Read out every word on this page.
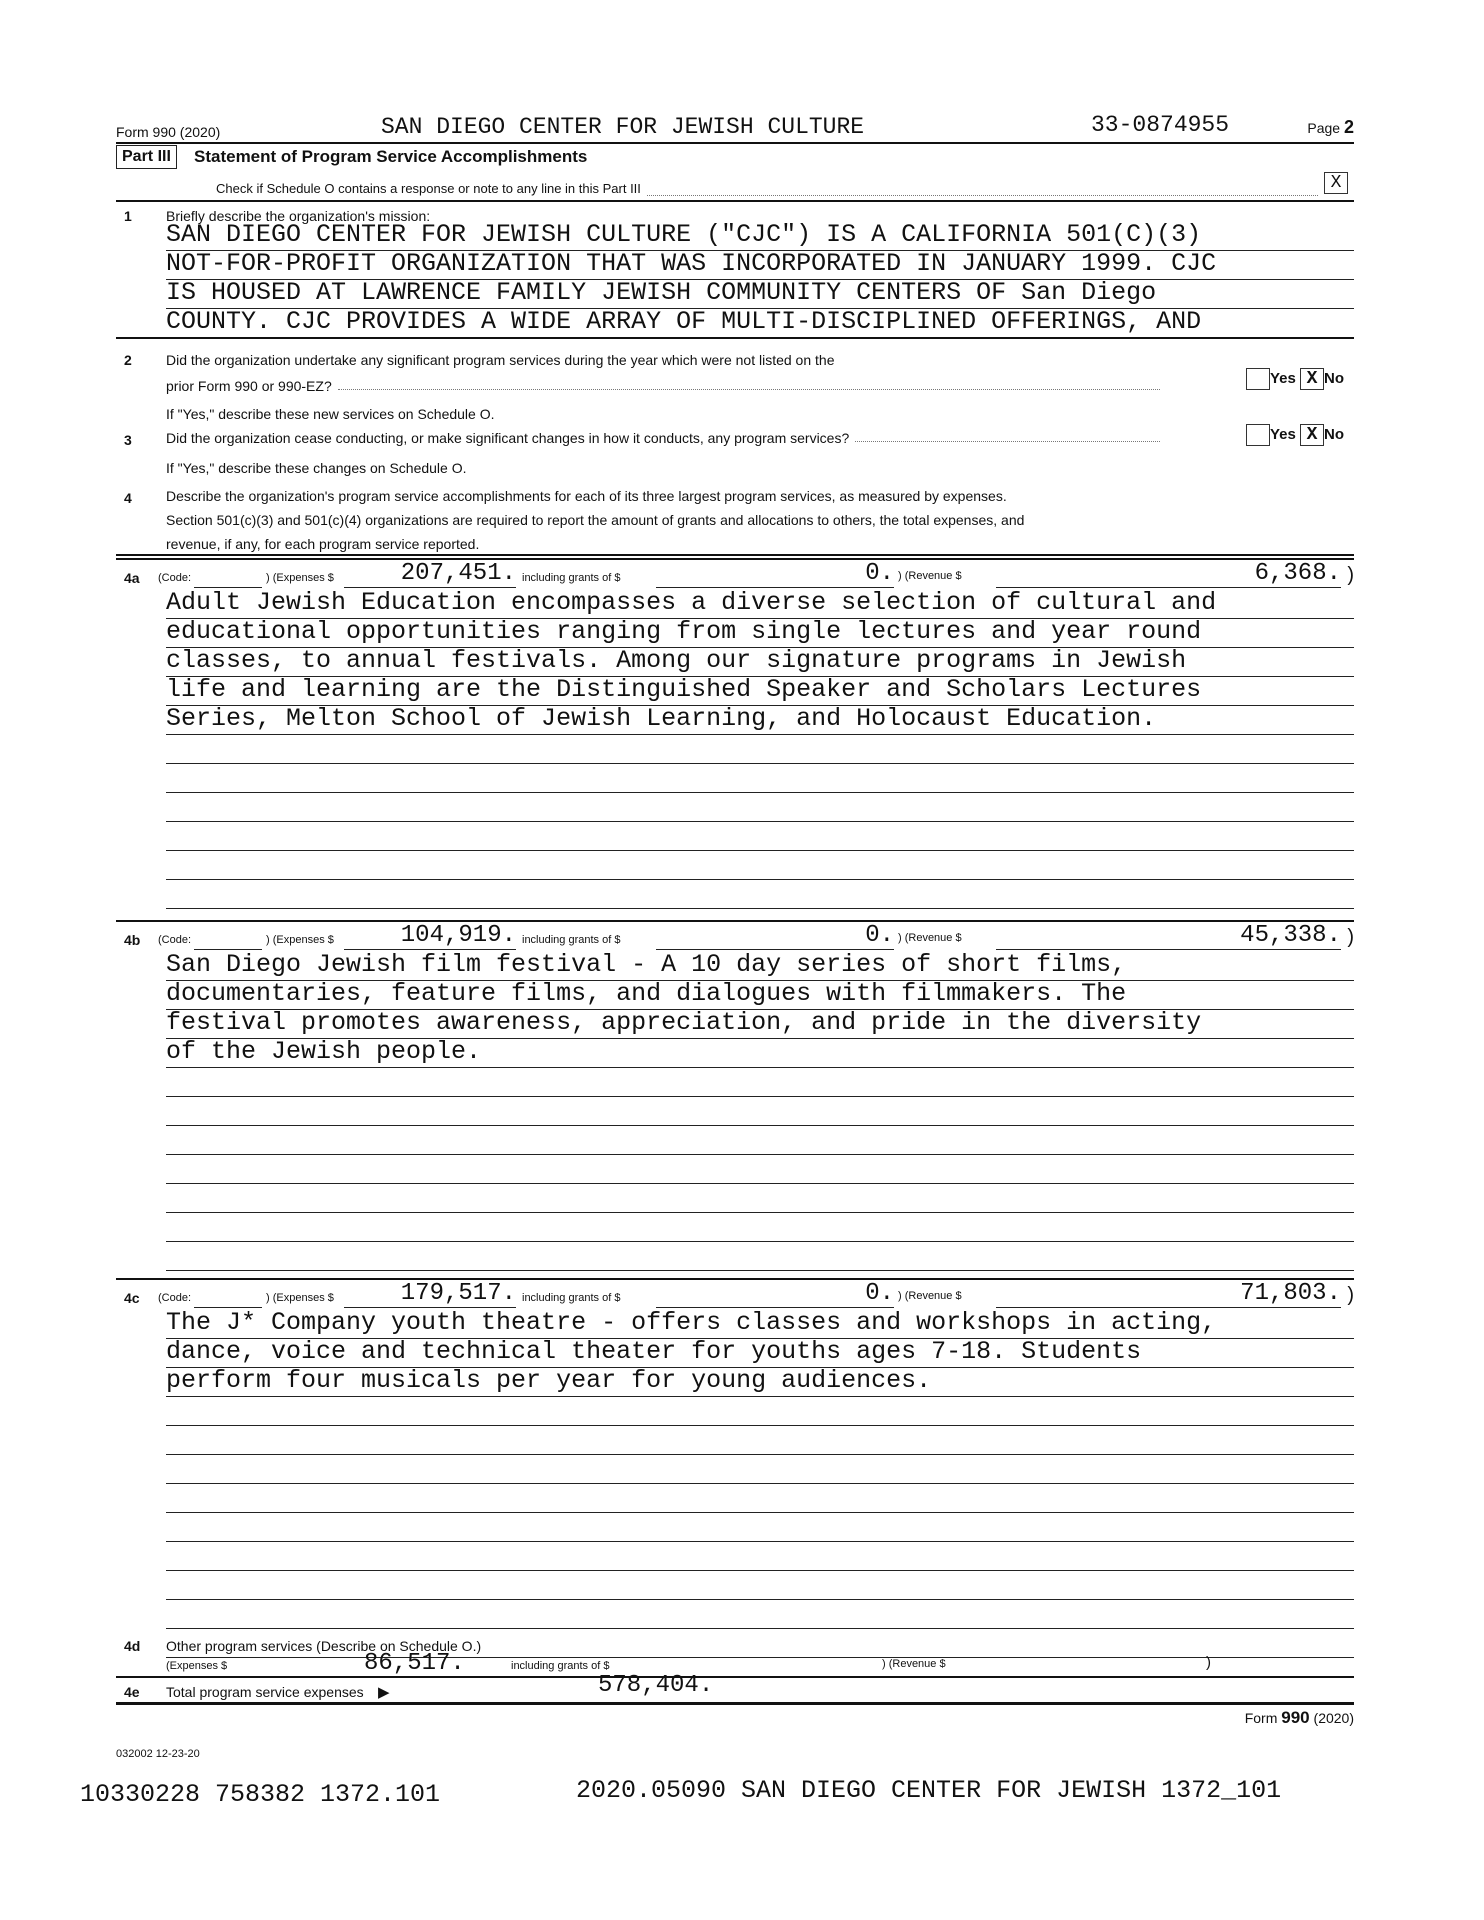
Form 990 (2020)	SAN DIEGO CENTER FOR JEWISH CULTURE	33-0874955	Page 2
Part III	Statement of Program Service Accomplishments
Check if Schedule O contains a response or note to any line in this Part III	X
1 Briefly describe the organization's mission:
SAN DIEGO CENTER FOR JEWISH CULTURE ("CJC") IS A CALIFORNIA 501(C)(3)
NOT-FOR-PROFIT ORGANIZATION THAT WAS INCORPORATED IN JANUARY 1999. CJC
IS HOUSED AT LAWRENCE FAMILY JEWISH COMMUNITY CENTERS OF San Diego
COUNTY. CJC PROVIDES A WIDE ARRAY OF MULTI-DISCIPLINED OFFERINGS, AND
2 Did the organization undertake any significant program services during the year which were not listed on the
prior Form 990 or 990-EZ?	Yes X No
If "Yes," describe these new services on Schedule O.
3 Did the organization cease conducting, or make significant changes in how it conducts, any program services?	Yes X No
If "Yes," describe these changes on Schedule O.
4 Describe the organization's program service accomplishments for each of its three largest program services, as measured by expenses.
Section 501(c)(3) and 501(c)(4) organizations are required to report the amount of grants and allocations to others, the total expenses, and
revenue, if any, for each program service reported.
4a (Code:	) (Expenses $	207,451. including grants of $	0. ) (Revenue $	6,368. )
Adult Jewish Education encompasses a diverse selection of cultural and
educational opportunities ranging from single lectures and year round
classes, to annual festivals. Among our signature programs in Jewish
life and learning are the Distinguished Speaker and Scholars Lectures
Series, Melton School of Jewish Learning, and Holocaust Education.
4b (Code:	) (Expenses $	104,919. including grants of $	0. ) (Revenue $	45,338. )
San Diego Jewish film festival - A 10 day series of short films,
documentaries, feature films, and dialogues with filmmakers. The
festival promotes awareness, appreciation, and pride in the diversity
of the Jewish people.
4c (Code:	) (Expenses $	179,517. including grants of $	0. ) (Revenue $	71,803. )
The J* Company youth theatre - offers classes and workshops in acting,
dance, voice and technical theater for youths ages 7-18. Students
perform four musicals per year for young audiences.
4d Other program services (Describe on Schedule O.)
(Expenses $	86,517.	including grants of $	) (Revenue $	)
4e Total program service expenses ▶	578,404.
Form 990 (2020)
032002 12-23-20
10330228 758382 1372.101	2020.05090 SAN DIEGO CENTER FOR JEWISH 1372_101
